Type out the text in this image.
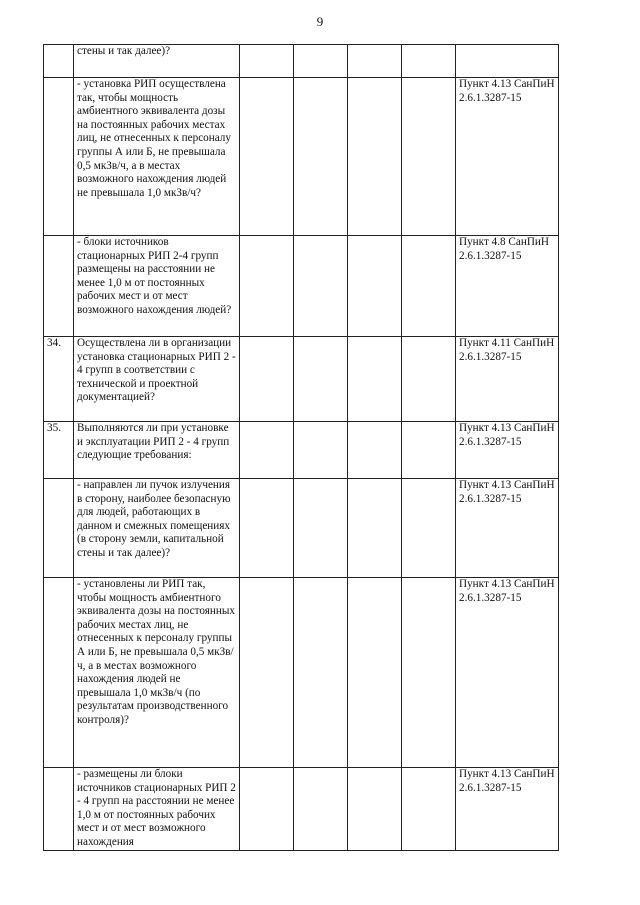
9
	стены и так далее)?					
	- установка РИП осуществлена так, чтобы мощность амбиентного эквивалента дозы на постоянных рабочих местах лиц, не отнесенных к персоналу группы А или Б, не превышала 0,5 мкЗв/ч, а в местах возможного нахождения людей не превышала 1,0 мкЗв/ч?					Пункт 4.13 СанПиН 2.6.1.3287-15
	- блоки источников стационарных РИП 2-4 групп размещены на расстоянии не менее 1,0 м от постоянных рабочих мест и от мест возможного нахождения людей?					Пункт 4.8 СанПиН 2.6.1.3287-15
34.	Осуществлена ли в организации установка стационарных РИП 2 - 4 групп в соответствии с технической и проектной документацией?					Пункт 4.11 СанПиН 2.6.1.3287-15
35.	Выполняются ли при установке и эксплуатации РИП 2 - 4 групп следующие требования:					Пункт 4.13 СанПиН 2.6.1.3287-15
	- направлен ли пучок излучения в сторону, наиболее безопасную для людей, работающих в данном и смежных помещениях (в сторону земли, капитальной стены и так далее)?					Пункт 4.13 СанПиН 2.6.1.3287-15
	- установлены ли РИП так, чтобы мощность амбиентного эквивалента дозы на постоянных рабочих местах лиц, не отнесенных к персоналу группы А или Б, не превышала 0,5 мкЗв/ч, а в местах возможного нахождения людей не превышала 1,0 мкЗв/ч (по результатам производственного контроля)?					Пункт 4.13 СанПиН 2.6.1.3287-15
	- размещены ли блоки источников стационарных РИП 2 - 4 групп на расстоянии не менее 1,0 м от постоянных рабочих мест и от мест возможного нахождения					Пункт 4.13 СанПиН 2.6.1.3287-15
